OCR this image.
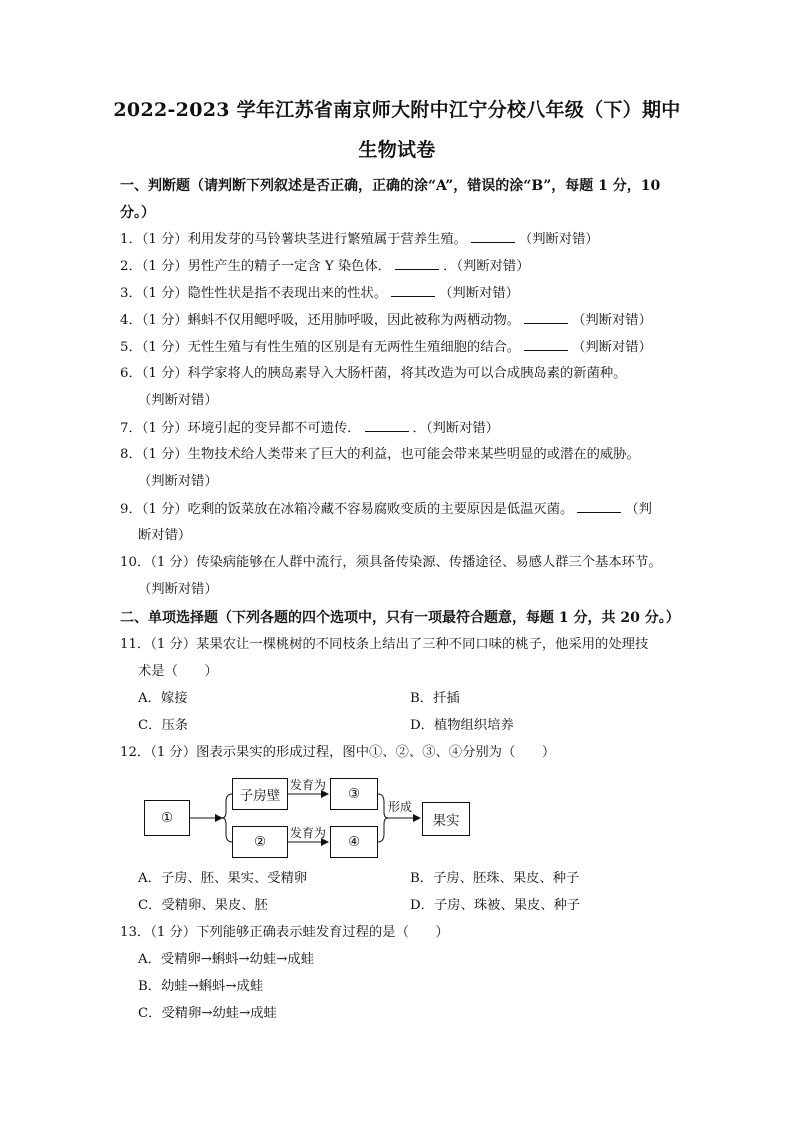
2022-2023 学年江苏省南京师大附中江宁分校八年级（下）期中
生物试卷
一、判断题（请判断下列叙述是否正确，正确的涂“A”，错误的涂“B”，每题 1 分，10
分。）
1．（1 分）利用发芽的马铃薯块茎进行繁殖属于营养生殖。	（判断对错）
2．（1 分）男性产生的精子一定含 Y 染色体．	．（判断对错）
3．（1 分）隐性性状是指不表现出来的性状。	（判断对错）
4．（1 分）蝌蚪不仅用鳃呼吸，还用肺呼吸，因此被称为两栖动物。	（判断对错）
5．（1 分）无性生殖与有性生殖的区别是有无两性生殖细胞的结合。	（判断对错）
6．（1 分）科学家将人的胰岛素导入大肠杆菌，将其改造为可以合成胰岛素的新菌种。
（判断对错）
7．（1 分）环境引起的变异都不可遗传．	．（判断对错）
8．（1 分）生物技术给人类带来了巨大的利益，也可能会带来某些明显的或潜在的威胁。
（判断对错）
9．（1 分）吃剩的饭菜放在冰箱冷藏不容易腐败变质的主要原因是低温灭菌。	（判
断对错）
10．（1 分）传染病能够在人群中流行，须具备传染源、传播途径、易感人群三个基本环节。
（判断对错）
二、单项选择题（下列各题的四个选项中，只有一项最符合题意，每题 1 分，共 20 分。）
11．（1 分）某果农让一棵桃树的不同枝条上结出了三种不同口味的桃子，他采用的处理技
术是（　　）
A．嫁接	B．扦插
C．压条	D．植物组织培养
12．（1 分）图表示果实的形成过程，图中①、②、③、④分别为（　　）
①
子房壁
②
③
④
果实
发育为
发育为
形成
A．子房、胚、果实、受精卵	B．子房、胚珠、果皮、种子
C．受精卵、果皮、胚	D．子房、珠被、果皮、种子
13．（1 分）下列能够正确表示蛙发育过程的是（　　）
A．受精卵→蝌蚪→幼蛙→成蛙
B．幼蛙→蝌蚪→成蛙
C．受精卵→幼蛙→成蛙
